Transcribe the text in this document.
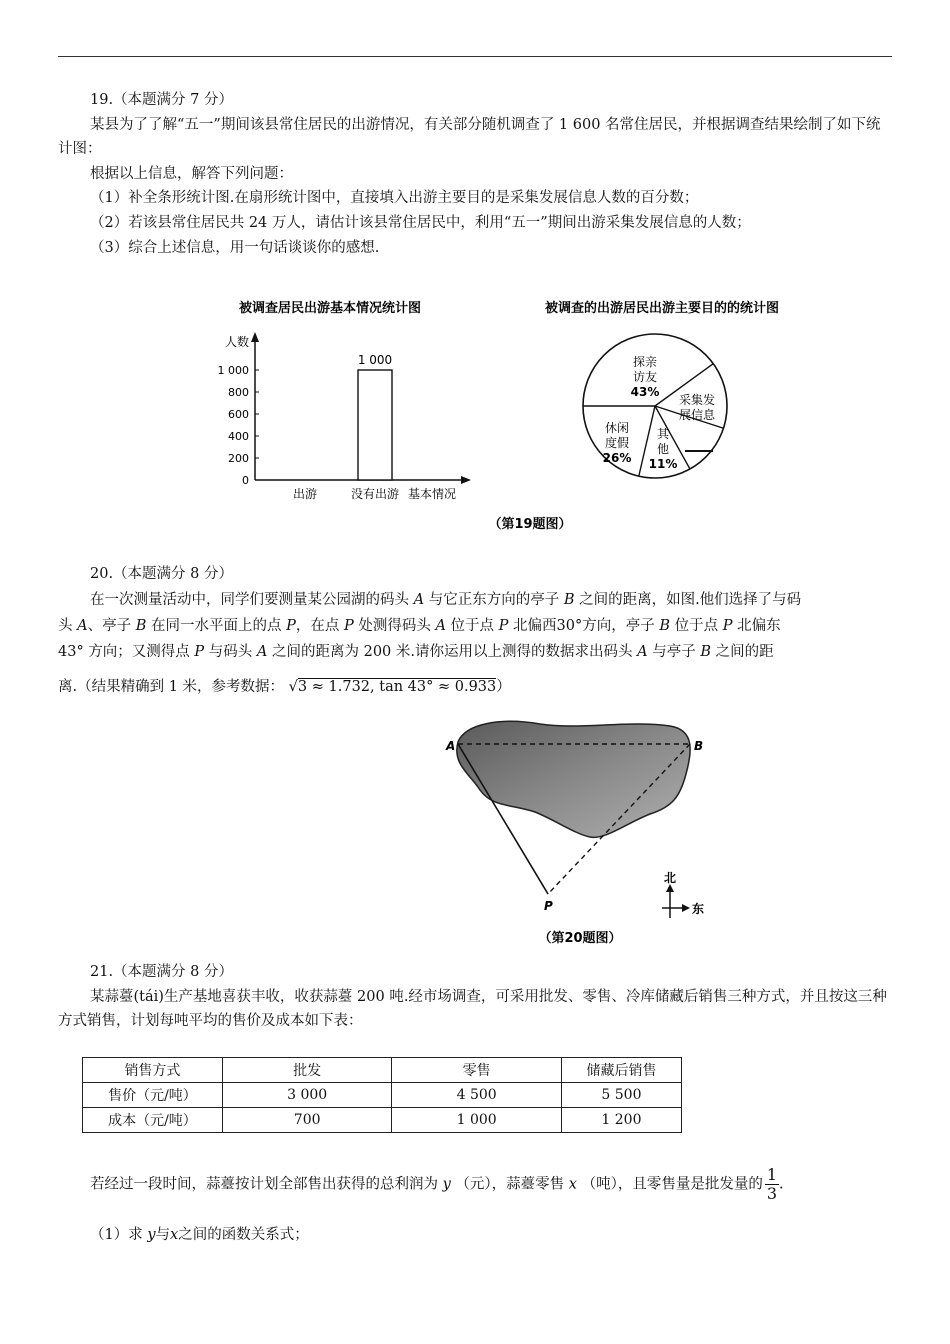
19.（本题满分 7 分）
某县为了了解“五一”期间该县常住居民的出游情况，有关部分随机调查了 1 600 名常住居民，并根据调查结果绘制了如下统计图：
根据以上信息，解答下列问题：
（1）补全条形统计图.在扇形统计图中，直接填入出游主要目的是采集发展信息人数的百分数；
（2）若该县常住居民共 24 万人，请估计该县常住居民中，利用“五一”期间出游采集发展信息的人数；
（3）综合上述信息，用一句话谈谈你的感想.
被调查居民出游基本情况统计图	被调查的出游居民出游主要目的的统计图
人数
0
200
400
600
800
1 000
出游	没有出游
1 000
基本情况
探亲
访友
43%
采集发
展信息
其
他
11%
休闲
度假
26%
（第19题图）
20.（本题满分 8 分）
在一次测量活动中，同学们要测量某公园湖的码头 A 与它正东方向的亭子 B 之间的距离，如图.他们选择了与码
头 A、亭子 B 在同一水平面上的点 P，在点 P 处测得码头 A 位于点 P 北偏西30°方向，亭子 B 位于点 P 北偏东
43° 方向；又测得点 P 与码头 A 之间的距离为 200 米.请你运用以上测得的数据求出码头 A 与亭子 B 之间的距
离.（结果精确到 1 米，参考数据： √3 ≈ 1.732, tan 43° ≈ 0.933）
A	B
P
北
东
（第20题图）
21.（本题满分 8 分）
某蒜薹(tái)生产基地喜获丰收，收获蒜薹 200 吨.经市场调查，可采用批发、零售、冷库储藏后销售三种方式，并且按这三种方式销售，计划每吨平均的售价及成本如下表：
销售方式	批发	零售	储藏后销售
售价（元/吨）	3 000	4 500	5 500
成本（元/吨）	700	1 000	1 200
若经过一段时间，蒜薹按计划全部售出获得的总利润为 y （元），蒜薹零售 x （吨），且零售量是批发量的 $\frac{1}{3}$ .
（1）求 y与x之间的函数关系式；
